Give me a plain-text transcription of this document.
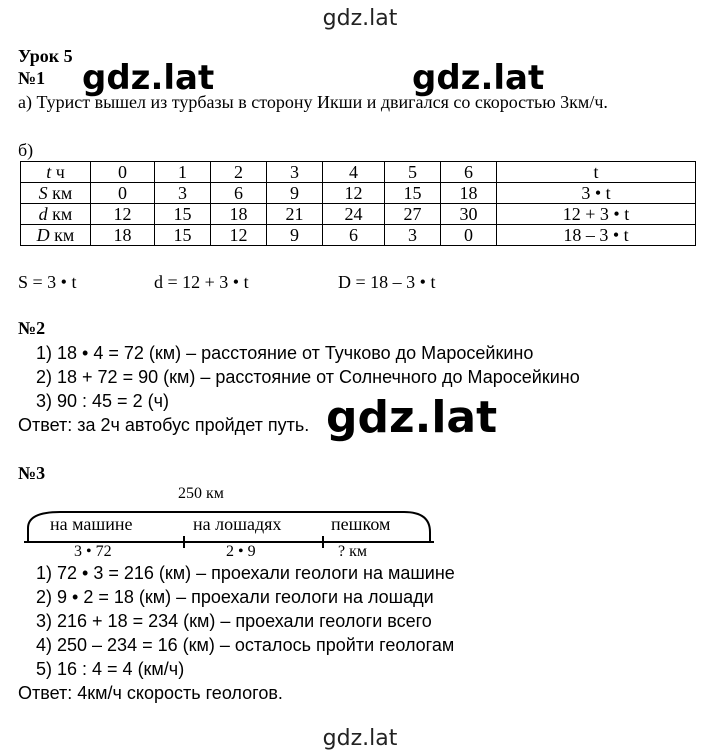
gdz.lat
Урок 5
№1 gdz.lat	gdz.lat
а) Турист вышел из турбазы в сторону Икши и двигался со скоростью 3км/ч.
б)
t ч	0	1	2	3	4	5	6	t
S км	0	3	6	9	12	15	18	3 • t
d км	12	15	18	21	24	27	30	12 + 3 • t
D км	18	15	12	9	6	3	0	18 – 3 • t
S = 3 • t	d = 12 + 3 • t	D = 18 – 3 • t
№2
1) 18 • 4 = 72 (км) – расстояние от Тучково до Маросейкино
2) 18 + 72 = 90 (км) – расстояние от Солнечного до Маросейкино
3) 90 : 45 = 2 (ч)
Ответ: за 2ч автобус пройдет путь. gdz.lat
№3
250 км
на машине	на лошадях	пешком
3 • 72	2 • 9	? км
1) 72 • 3 = 216 (км) – проехали геологи на машине
2) 9 • 2 = 18 (км) – проехали геологи на лошади
3) 216 + 18 = 234 (км) – проехали геологи всего
4) 250 – 234 = 16 (км) – осталось пройти геологам
5) 16 : 4 = 4 (км/ч)
Ответ: 4км/ч скорость геологов.
gdz.lat
